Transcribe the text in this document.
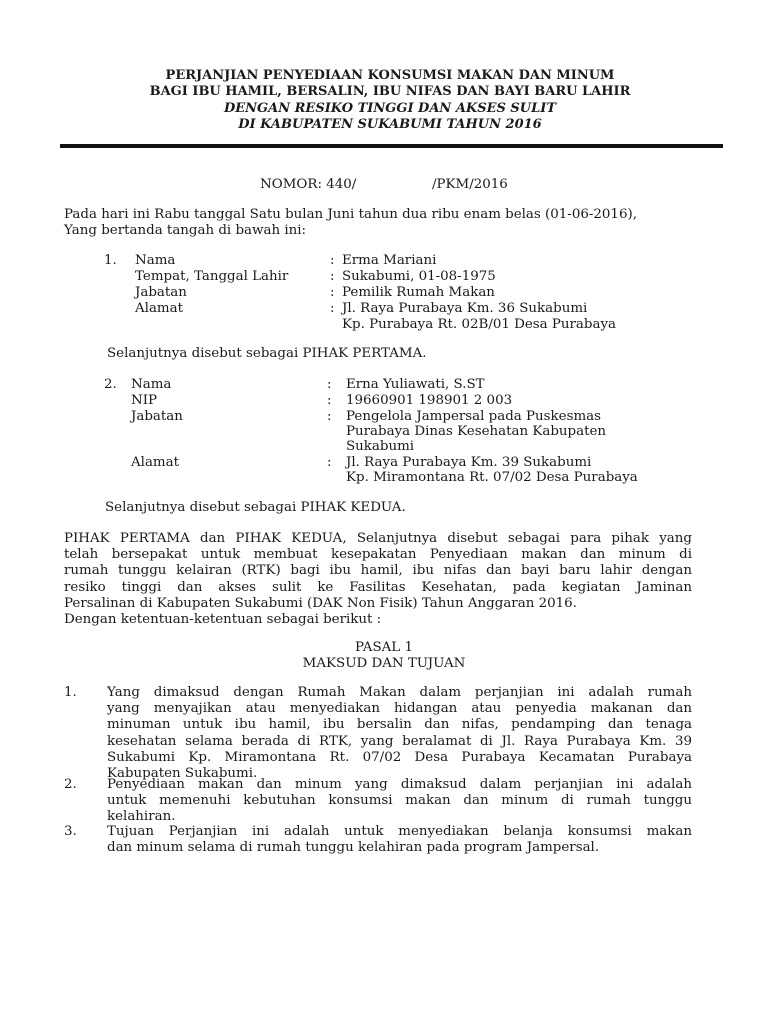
PERJANJIAN PENYEDIAAN KONSUMSI MAKAN DAN MINUM
BAGI IBU HAMIL, BERSALIN, IBU NIFAS DAN BAYI BARU LAHIR
DENGAN RESIKO TINGGI DAN AKSES SULIT
DI KABUPATEN SUKABUMI TAHUN 2016
NOMOR: 440/	/PKM/2016
Pada hari ini Rabu tanggal Satu bulan Juni tahun dua ribu enam belas (01-06-2016),
Yang bertanda tangah di bawah ini:
1. Nama	: Erma Mariani
Tempat, Tanggal Lahir	: Sukabumi, 01-08-1975
Jabatan	: Pemilik Rumah Makan
Alamat	: Jl. Raya Purabaya Km. 36 Sukabumi
Kp. Purabaya Rt. 02B/01 Desa Purabaya
Selanjutnya disebut sebagai PIHAK PERTAMA.
2. Nama	: Erna Yuliawati, S.ST
NIP	: 19660901 198901 2 003
Jabatan	: Pengelola Jampersal pada Puskesmas
Purabaya Dinas Kesehatan Kabupaten
Sukabumi
Alamat	: Jl. Raya Purabaya Km. 39 Sukabumi
Kp. Miramontana Rt. 07/02 Desa Purabaya
Selanjutnya disebut sebagai PIHAK KEDUA.
PIHAK PERTAMA dan PIHAK KEDUA, Selanjutnya disebut sebagai para pihak yang
telah bersepakat untuk membuat kesepakatan Penyediaan makan dan minum di
rumah tunggu kelairan (RTK) bagi ibu hamil, ibu nifas dan bayi baru lahir dengan
resiko tinggi dan akses sulit ke Fasilitas Kesehatan, pada kegiatan Jaminan
Persalinan di Kabupaten Sukabumi (DAK Non Fisik) Tahun Anggaran 2016.
Dengan ketentuan-ketentuan sebagai berikut :
PASAL 1
MAKSUD DAN TUJUAN
1. Yang dimaksud dengan Rumah Makan dalam perjanjian ini adalah rumah
yang menyajikan atau menyediakan hidangan atau penyedia makanan dan
minuman untuk ibu hamil, ibu bersalin dan nifas, pendamping dan tenaga
kesehatan selama berada di RTK, yang beralamat di Jl. Raya Purabaya Km. 39
Sukabumi Kp. Miramontana Rt. 07/02 Desa Purabaya Kecamatan Purabaya
Kabupaten Sukabumi.
2. Penyediaan makan dan minum yang dimaksud dalam perjanjian ini adalah
untuk memenuhi kebutuhan konsumsi makan dan minum di rumah tunggu
kelahiran.
3. Tujuan Perjanjian ini adalah untuk menyediakan belanja konsumsi makan
dan minum selama di rumah tunggu kelahiran pada program Jampersal.
